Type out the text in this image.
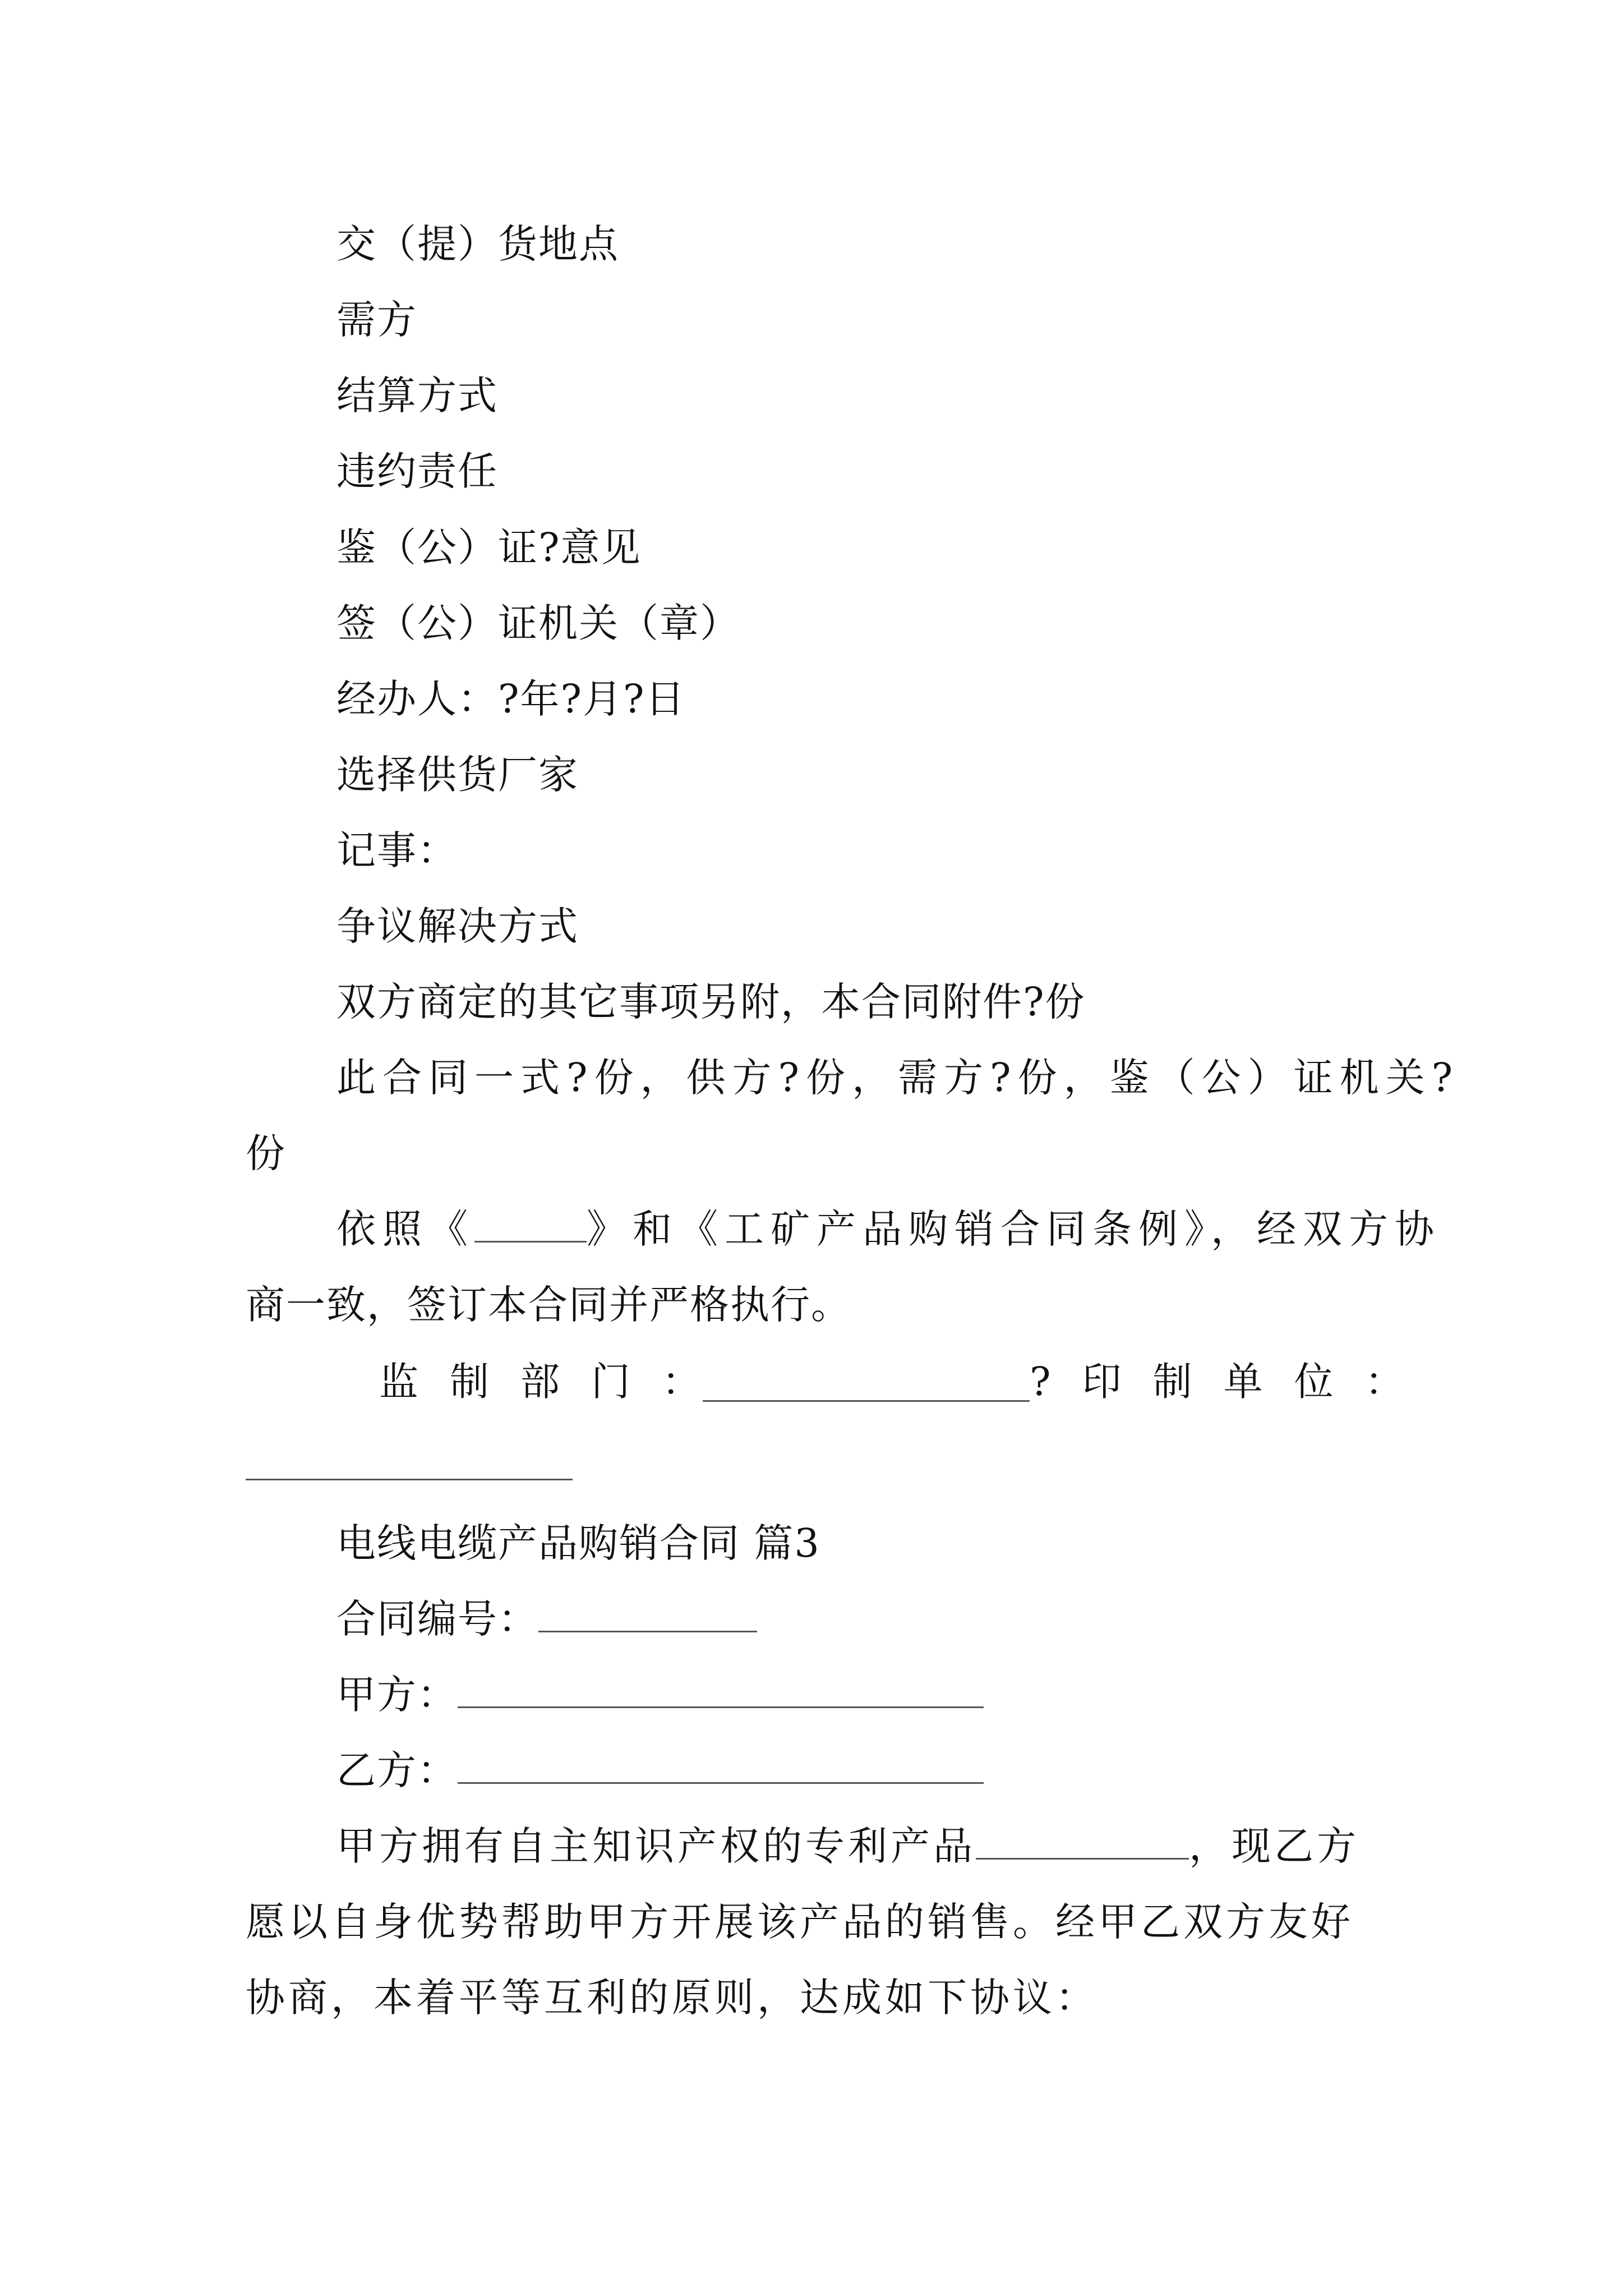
交（提）货地点
需方
结算方式
违约责任
鉴（公）证?意见
签（公）证机关（章）
经办人：?年?月?日
选择供货厂家
记事：
争议解决方式
双方商定的其它事项另附，本合同附件?份
此合同一式?份，供方?份，需方?份，鉴（公）证机关?
份
依照《	》和《工矿产品购销合同条例》，经双方协
商一致，签订本合同并严格执行。
监制部门：	?印制单位：
电线电缆产品购销合同 篇3
合同编号：
甲方：
乙方：
甲方拥有自主知识产权的专利产品	，现乙方
愿以自身优势帮助甲方开展该产品的销售。经甲乙双方友好
协商，本着平等互利的原则，达成如下协议：
